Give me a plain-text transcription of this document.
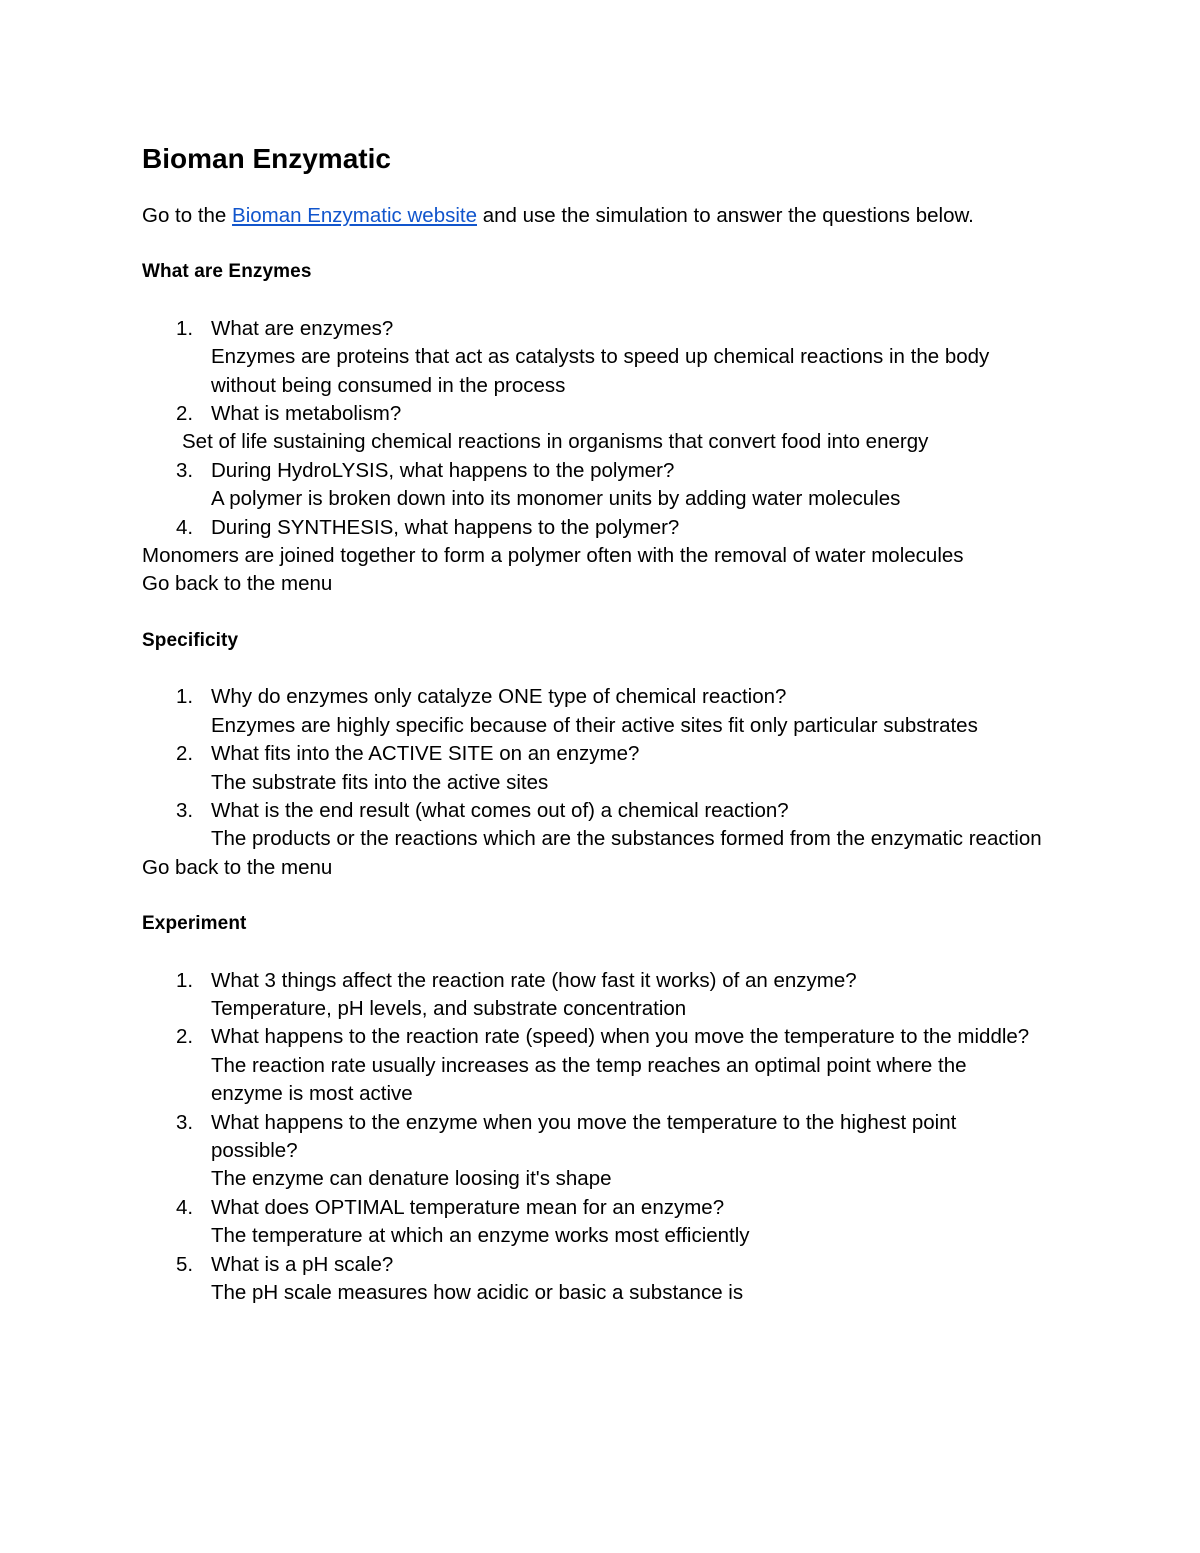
Bioman Enzymatic

Go to the Bioman Enzymatic website and use the simulation to answer the questions below.

What are Enzymes

1. What are enzymes?
Enzymes are proteins that act as catalysts to speed up chemical reactions in the body without being consumed in the process
2. What is metabolism?
Set of life sustaining chemical reactions in organisms that convert food into energy
3. During HydroLYSIS, what happens to the polymer?
A polymer is broken down into its monomer units by adding water molecules
4. During SYNTHESIS, what happens to the polymer?

Monomers are joined together to form a polymer often with the removal of water molecules

Go back to the menu

Specificity

1. Why do enzymes only catalyze ONE type of chemical reaction?
Enzymes are highly specific because of their active sites fit only particular substrates
2. What fits into the ACTIVE SITE on an enzyme?
The substrate fits into the active sites
3. What is the end result (what comes out of) a chemical reaction?
The products or the reactions which are the substances formed from the enzymatic reaction

Go back to the menu

Experiment

1. What 3 things affect the reaction rate (how fast it works) of an enzyme?
Temperature, pH levels, and substrate concentration
2. What happens to the reaction rate (speed) when you move the temperature to the middle?
The reaction rate usually increases as the temp reaches an optimal point where the enzyme is most active
3. What happens to the enzyme when you move the temperature to the highest point possible?
The enzyme can denature loosing it's shape
4. What does OPTIMAL temperature mean for an enzyme?
The temperature at which an enzyme works most efficiently
5. What is a pH scale?
The pH scale measures how acidic or basic a substance is
